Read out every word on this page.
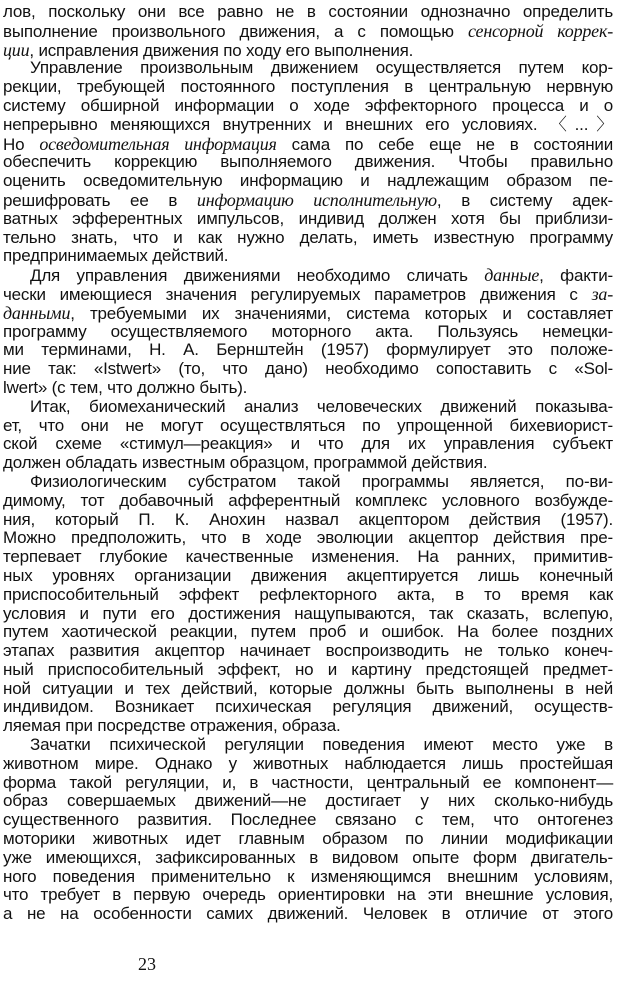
лов, поскольку они все равно не в состоянии однозначно определить
выполнение произвольного движения, а с помощью сенсорной коррек-
ции, исправления движения по ходу его выполнения.
Управление произвольным движением осуществляется путем кор-
рекции, требующей постоянного поступления в центральную нервную
систему обширной информации о ходе эффекторного процесса и о
непрерывно меняющихся внутренних и внешних его условиях. 〈...〉
Но осведомительная информация сама по себе еще не в состоянии
обеспечить коррекцию выполняемого движения. Чтобы правильно
оценить осведомительную информацию и надлежащим образом пе-
решифровать ее в информацию исполнительную, в систему адек-
ватных эфферентных импульсов, индивид должен хотя бы приблизи-
тельно знать, что и как нужно делать, иметь известную программу
предпринимаемых действий.
Для управления движениями необходимо сличать данные, факти-
чески имеющиеся значения регулируемых параметров движения с за-
данными, требуемыми их значениями, система которых и составляет
программу осуществляемого моторного акта. Пользуясь немецки-
ми терминами, Н. А. Бернштейн (1957) формулирует это положе-
ние так: «Istwert» (то, что дано) необходимо сопоставить с «Sol-
lwert» (с тем, что должно быть).
Итак, биомеханический анализ человеческих движений показыва-
ет, что они не могут осуществляться по упрощенной бихевиорист-
ской схеме «стимул—реакция» и что для их управления субъект
должен обладать известным образцом, программой действия.
Физиологическим субстратом такой программы является, по-ви-
димому, тот добавочный афферентный комплекс условного возбужде-
ния, который П. К. Анохин назвал акцептором действия (1957).
Можно предположить, что в ходе эволюции акцептор действия пре-
терпевает глубокие качественные изменения. На ранних, примитив-
ных уровнях организации движения акцептируется лишь конечный
приспособительный эффект рефлекторного акта, в то время как
условия и пути его достижения нащупываются, так сказать, вслепую,
путем хаотической реакции, путем проб и ошибок. На более поздних
этапах развития акцептор начинает воспроизводить не только конеч-
ный приспособительный эффект, но и картину предстоящей предмет-
ной ситуации и тех действий, которые должны быть выполнены в ней
индивидом. Возникает психическая регуляция движений, осуществ-
ляемая при посредстве отражения, образа.
Зачатки психической регуляции поведения имеют место уже в
животном мире. Однако у животных наблюдается лишь простейшая
форма такой регуляции, и, в частности, центральный ее компонент—
образ совершаемых движений—не достигает у них сколько-нибудь
существенного развития. Последнее связано с тем, что онтогенез
моторики животных идет главным образом по линии модификации
уже имеющихся, зафиксированных в видовом опыте форм двигатель-
ного поведения применительно к изменяющимся внешним условиям,
что требует в первую очередь ориентировки на эти внешние условия,
а не на особенности самих движений. Человек в отличие от этого
23
